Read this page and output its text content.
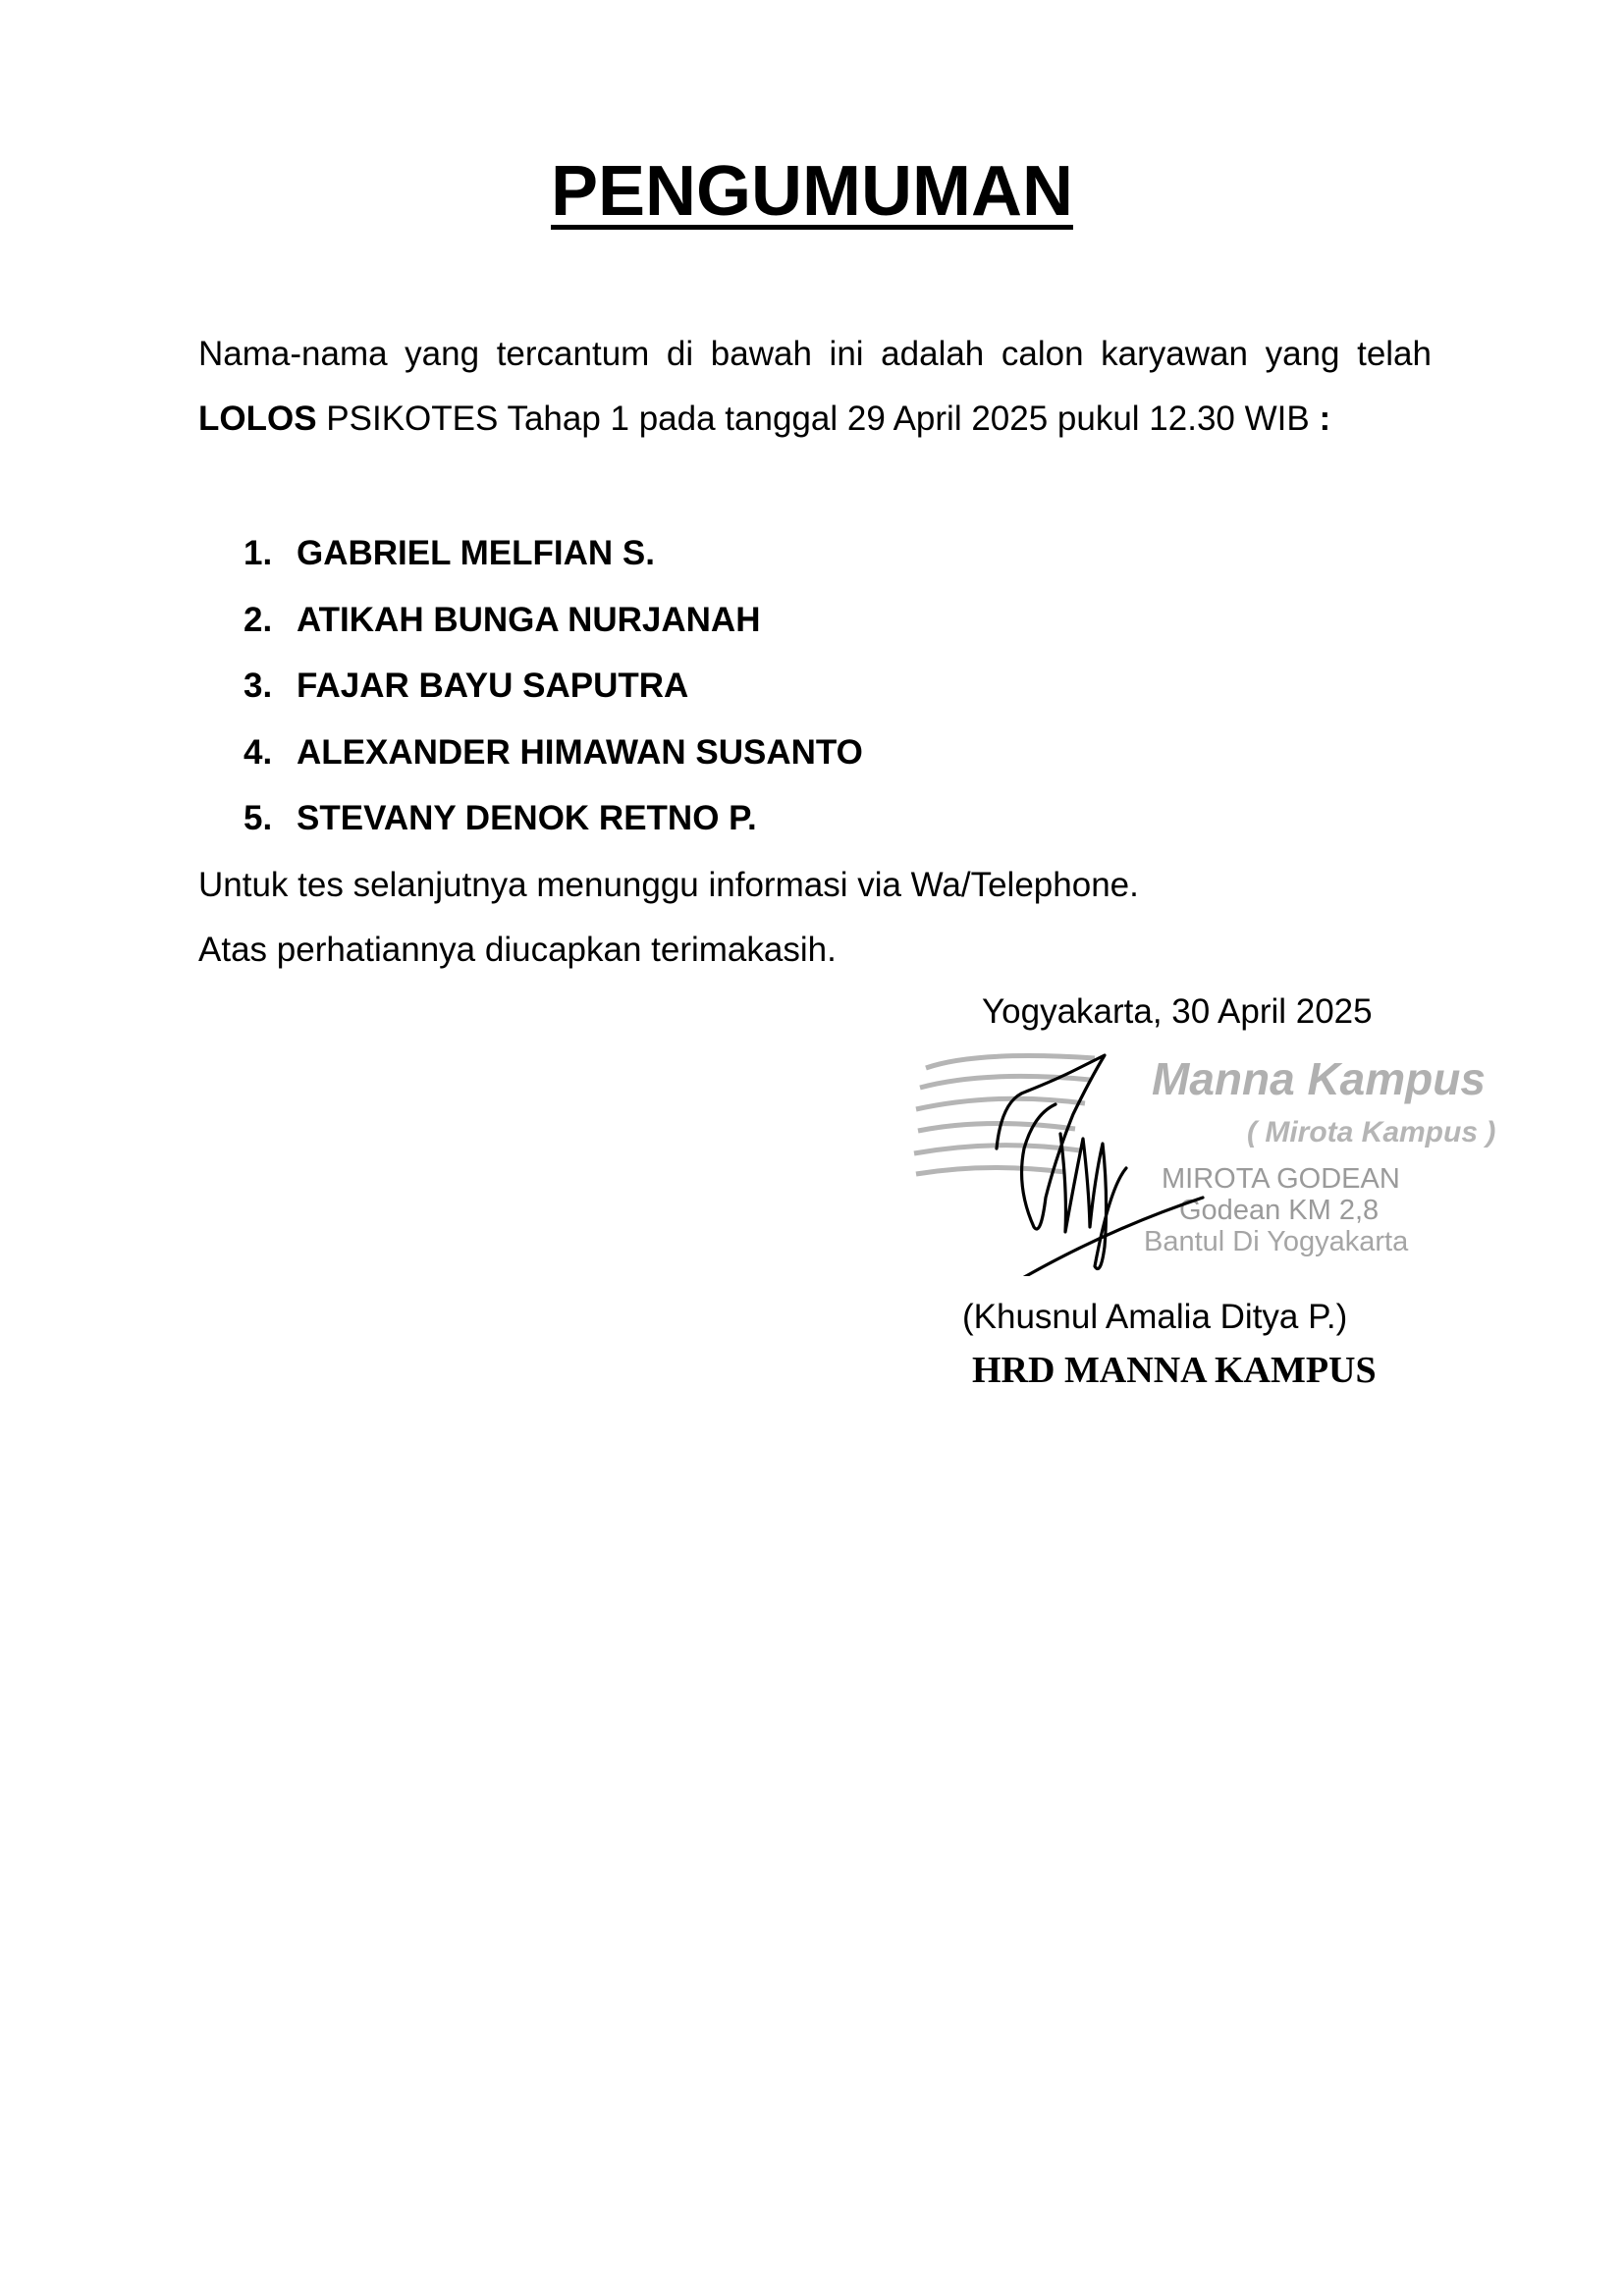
PENGUMUMAN
Nama-nama yang tercantum di bawah ini adalah calon karyawan yang telah LOLOS PSIKOTES Tahap 1 pada tanggal 29 April 2025 pukul 12.30 WIB :
1. GABRIEL MELFIAN S.
2. ATIKAH BUNGA NURJANAH
3. FAJAR BAYU SAPUTRA
4. ALEXANDER HIMAWAN SUSANTO
5. STEVANY DENOK RETNO P.
Untuk tes selanjutnya menunggu informasi via Wa/Telephone.
Atas perhatiannya diucapkan terimakasih.
Yogyakarta, 30 April 2025
Manna Kampus
( Mirota Kampus )
MIROTA GODEAN
Godean KM 2,8
Bantul Di Yogyakarta
(Khusnul Amalia Ditya P.)
HRD MANNA KAMPUS
